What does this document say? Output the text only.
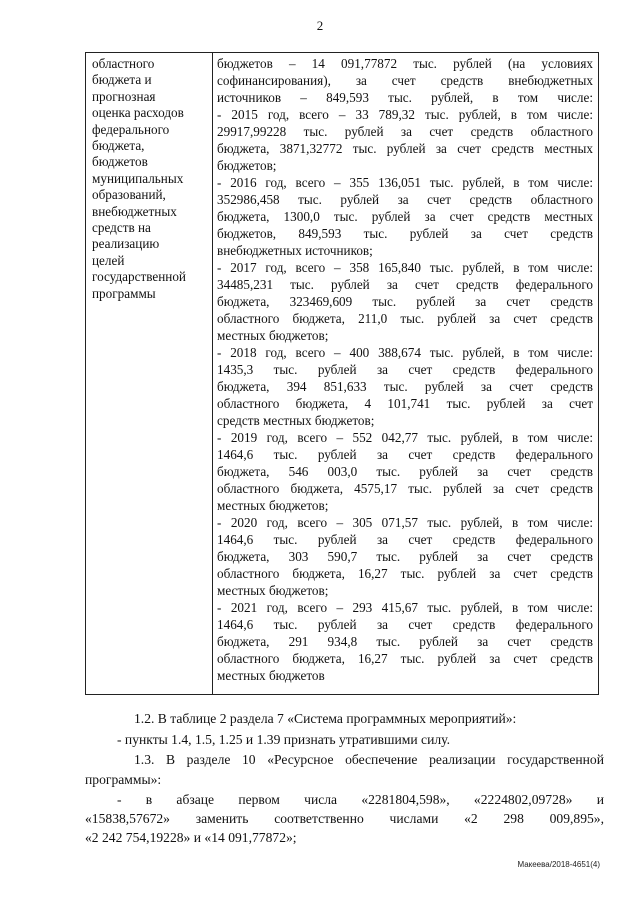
2
областного
бюджета и
прогнозная
оценка расходов
федерального
бюджета,
бюджетов
муниципальных
образований,
внебюджетных
средств на
реализацию
целей
государственной
программы
бюджетов – 14 091,77872 тыс. рублей (на условиях
софинансирования), за счет средств внебюджетных
источников – 849,593 тыс. рублей, в том числе:
- 2015 год, всего – 33 789,32 тыс. рублей, в том числе:
29917,99228 тыс. рублей за счет средств областного
бюджета, 3871,32772 тыс. рублей за счет средств местных
бюджетов;
- 2016 год, всего – 355 136,051 тыс. рублей, в том числе:
352986,458 тыс. рублей за счет средств областного
бюджета, 1300,0 тыс. рублей за счет средств местных
бюджетов, 849,593 тыс. рублей за счет средств
внебюджетных источников;
- 2017 год, всего – 358 165,840 тыс. рублей, в том числе:
34485,231 тыс. рублей за счет средств федерального
бюджета, 323469,609 тыс. рублей за счет средств
областного бюджета, 211,0 тыс. рублей за счет средств
местных бюджетов;
- 2018 год, всего – 400 388,674 тыс. рублей, в том числе:
1435,3 тыс. рублей за счет средств федерального
бюджета, 394 851,633 тыс. рублей за счет средств
областного бюджета, 4 101,741 тыс. рублей за счет
средств местных бюджетов;
- 2019 год, всего – 552 042,77 тыс. рублей, в том числе:
1464,6 тыс. рублей за счет средств федерального
бюджета, 546 003,0 тыс. рублей за счет средств
областного бюджета, 4575,17 тыс. рублей за счет средств
местных бюджетов;
- 2020 год, всего – 305 071,57 тыс. рублей, в том числе:
1464,6 тыс. рублей за счет средств федерального
бюджета, 303 590,7 тыс. рублей за счет средств
областного бюджета, 16,27 тыс. рублей за счет средств
местных бюджетов;
- 2021 год, всего – 293 415,67 тыс. рублей, в том числе:
1464,6 тыс. рублей за счет средств федерального
бюджета, 291 934,8 тыс. рублей за счет средств
областного бюджета, 16,27 тыс. рублей за счет средств
местных бюджетов
1.2. В таблице 2 раздела 7 «Система программных мероприятий»:
- пункты 1.4, 1.5, 1.25 и 1.39 признать утратившими силу.
1.3. В разделе 10 «Ресурсное обеспечение реализации государственной
программы»:
- в абзаце первом числа «2281804,598», «2224802,09728» и
«15838,57672» заменить соответственно числами «2 298 009,895»,
«2 242 754,19228» и «14 091,77872»;
Макеева/2018-4651(4)
